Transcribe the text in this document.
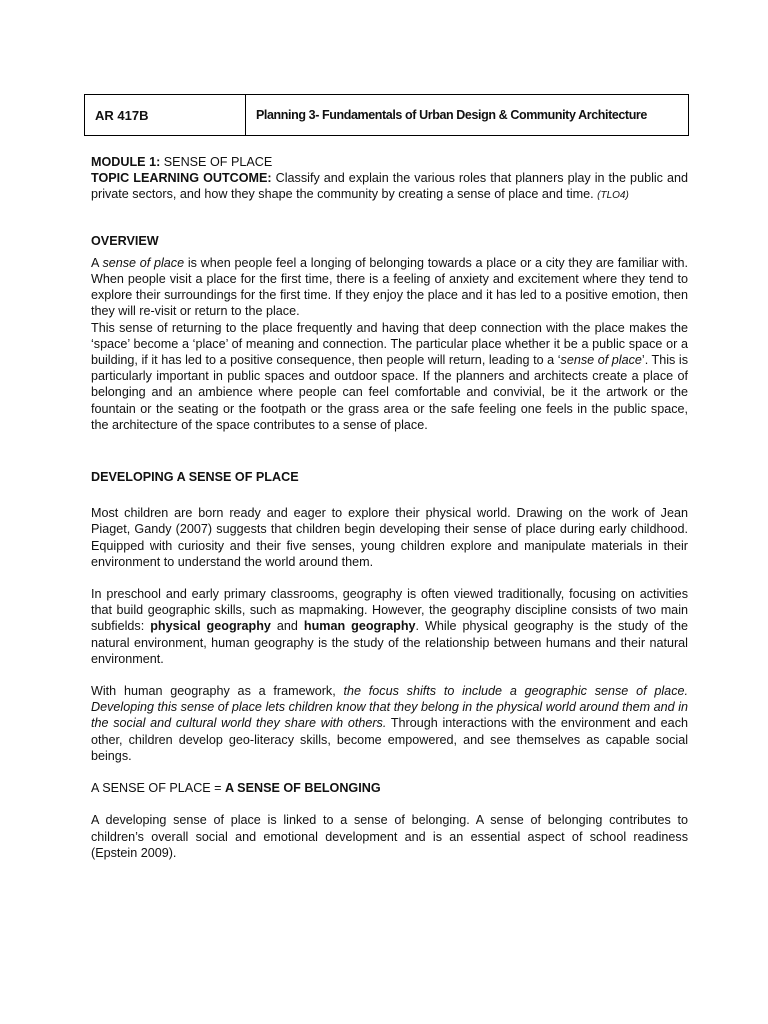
AR 417B	Planning 3- Fundamentals of Urban Design & Community Architecture

MODULE 1: SENSE OF PLACE

TOPIC LEARNING OUTCOME: Classify and explain the various roles that planners play in the public and private sectors, and how they shape the community by creating a sense of place and time. (TLO4)

OVERVIEW

A sense of place is when people feel a longing of belonging towards a place or a city they are familiar with. When people visit a place for the first time, there is a feeling of anxiety and excitement where they tend to explore their surroundings for the first time. If they enjoy the place and it has led to a positive emotion, then they will re-visit or return to the place.

This sense of returning to the place frequently and having that deep connection with the place makes the ‘space’ become a ‘place’ of meaning and connection. The particular place whether it be a public space or a building, if it has led to a positive consequence, then people will return, leading to a ‘sense of place’. This is particularly important in public spaces and outdoor space. If the planners and architects create a place of belonging and an ambience where people can feel comfortable and convivial, be it the artwork or the fountain or the seating or the footpath or the grass area or the safe feeling one feels in the public space, the architecture of the space contributes to a sense of place.

DEVELOPING A SENSE OF PLACE

Most children are born ready and eager to explore their physical world. Drawing on the work of Jean Piaget, Gandy (2007) suggests that children begin developing their sense of place during early childhood. Equipped with curiosity and their five senses, young children explore and manipulate materials in their environment to understand the world around them.

In preschool and early primary classrooms, geography is often viewed traditionally, focusing on activities that build geographic skills, such as mapmaking. However, the geography discipline consists of two main subfields: physical geography and human geography. While physical geography is the study of the natural environment, human geography is the study of the relationship between humans and their natural environment.

With human geography as a framework, the focus shifts to include a geographic sense of place. Developing this sense of place lets children know that they belong in the physical world around them and in the social and cultural world they share with others. Through interactions with the environment and each other, children develop geo-literacy skills, become empowered, and see themselves as capable social beings.

A SENSE OF PLACE = A SENSE OF BELONGING

A developing sense of place is linked to a sense of belonging. A sense of belonging contributes to children’s overall social and emotional development and is an essential aspect of school readiness (Epstein 2009).
